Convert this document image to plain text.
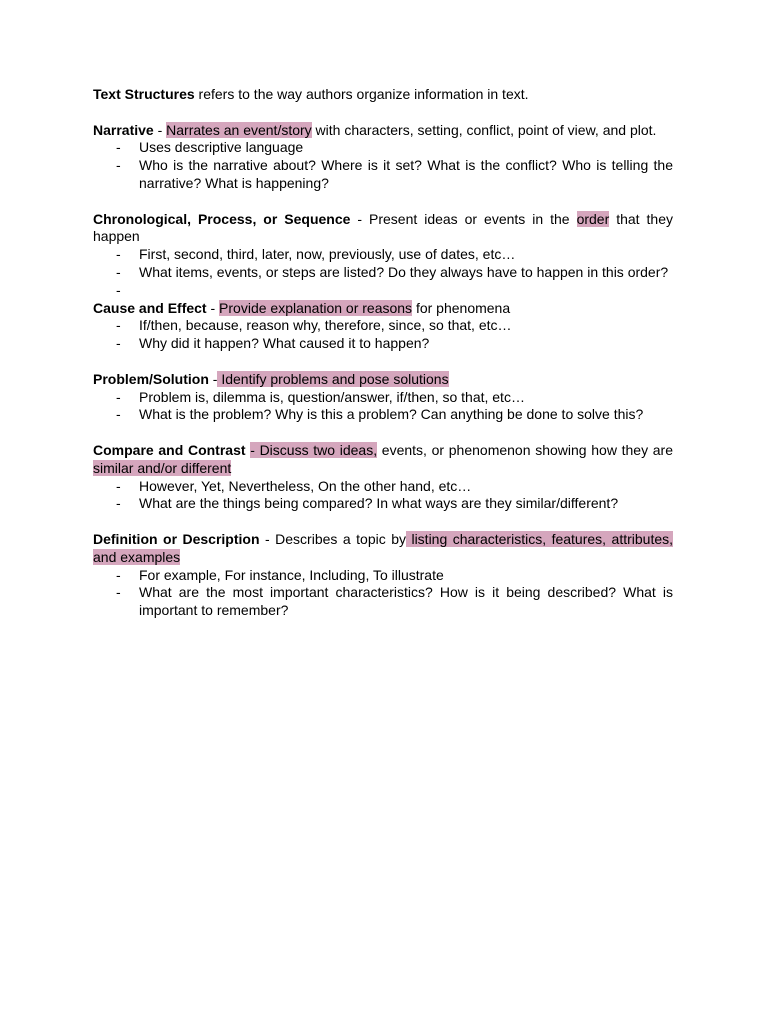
Text Structures refers to the way authors organize information in text.

Narrative - Narrates an event/story with characters, setting, conflict, point of view, and plot.

- Uses descriptive language
- Who is the narrative about? Where is it set? What is the conflict? Who is telling the narrative? What is happening?

Chronological, Process, or Sequence - Present ideas or events in the order that they happen

- First, second, third, later, now, previously, use of dates, etc…
- What items, events, or steps are listed? Do they always have to happen in this order?
-

Cause and Effect - Provide explanation or reasons for phenomena

- If/then, because, reason why, therefore, since, so that, etc…
- Why did it happen? What caused it to happen?

Problem/Solution - Identify problems and pose solutions

- Problem is, dilemma is, question/answer, if/then, so that, etc…
- What is the problem? Why is this a problem? Can anything be done to solve this?

Compare and Contrast - Discuss two ideas, events, or phenomenon showing how they are similar and/or different

- However, Yet, Nevertheless, On the other hand, etc…
- What are the things being compared? In what ways are they similar/different?

Definition or Description - Describes a topic by listing characteristics, features, attributes, and examples

- For example, For instance, Including, To illustrate
- What are the most important characteristics? How is it being described? What is important to remember?
